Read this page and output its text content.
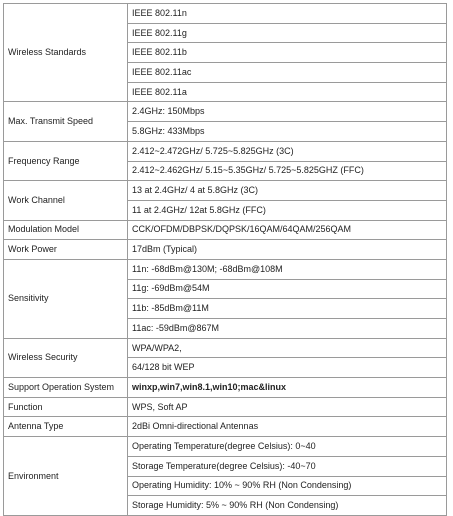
Wireless Standards	IEEE 802.11n
	IEEE 802.11g
	IEEE 802.11b
	IEEE 802.11ac
	IEEE 802.11a
Max. Transmit Speed	2.4GHz: 150Mbps
	5.8GHz: 433Mbps
Frequency Range	2.412~2.472GHz/ 5.725~5.825GHz (3C)
	2.412~2.462GHz/ 5.15~5.35GHz/ 5.725~5.825GHZ (FFC)
Work Channel	13 at 2.4GHz/ 4 at 5.8GHz (3C)
	11 at 2.4GHz/ 12at 5.8GHz (FFC)
Modulation Model	CCK/OFDM/DBPSK/DQPSK/16QAM/64QAM/256QAM
Work Power	17dBm (Typical)
Sensitivity	11n: -68dBm@130M; -68dBm@108M
	11g: -69dBm@54M
	11b: -85dBm@11M
	11ac: -59dBm@867M
Wireless Security	WPA/WPA2,
	64/128 bit WEP
Support Operation System	winxp,win7,win8.1,win10;mac&linux
Function	WPS, Soft AP
Antenna Type	2dBi Omni-directional Antennas
Environment	Operating Temperature(degree Celsius): 0~40
	Storage Temperature(degree Celsius): -40~70
	Operating Humidity: 10% ~ 90% RH (Non Condensing)
	Storage Humidity: 5% ~ 90% RH (Non Condensing)
